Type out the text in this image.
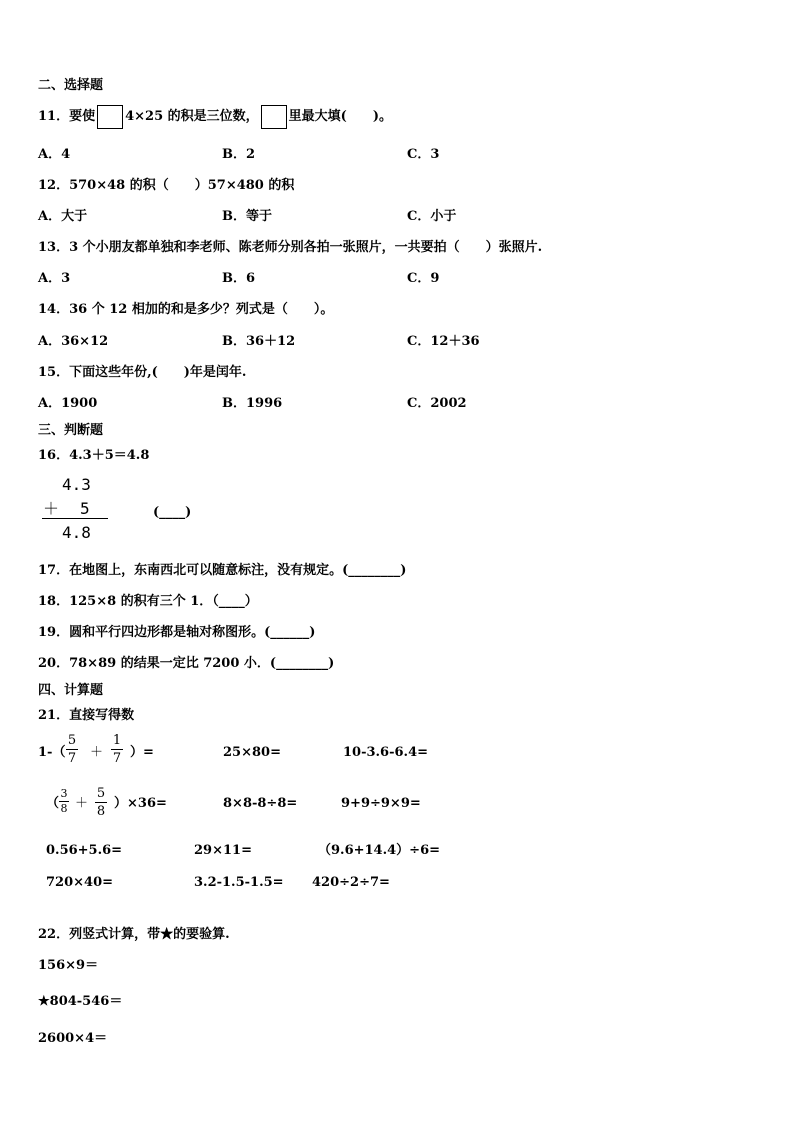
二、选择题
11．要使 4×25 的积是三位数， 里最大填(　　)。
A．4	B．2	C．3
12．570×48 的积（　　）57×480 的积
A．大于	B．等于	C．小于
13．3 个小朋友都单独和李老师、陈老师分别各拍一张照片，一共要拍（　　）张照片.
A．3	B．6	C．9
14．36 个 12 相加的和是多少？列式是（　　）。
A．36×12	B．36＋12	C．12＋36
15．下面这些年份,(　　)年是闰年.
A．1900	B．1996	C．2002
三、判断题
16．4.3＋5＝4.8
4.3
＋ 5
4.8
(____)
17．在地图上，东南西北可以随意标注，没有规定。(________)
18．125×8 的积有三个 1．（____）
19．圆和平行四边形都是轴对称图形。(______)
20．78×89 的结果一定比 7200 小．(________)
四、计算题
21．直接写得数
1-（
5
7 ＋
1
7 ）=	25×80=	10-3.6-6.4=
（
3
8 ＋
5
8
）×36=	8×8-8÷8=	9+9÷9×9=
0.56+5.6=	29×11=	（9.6+14.4）÷6=
720×40=	3.2-1.5-1.5= 420÷2÷7=
22．列竖式计算，带★的要验算.
156×9＝
★804-546＝
2600×4＝
